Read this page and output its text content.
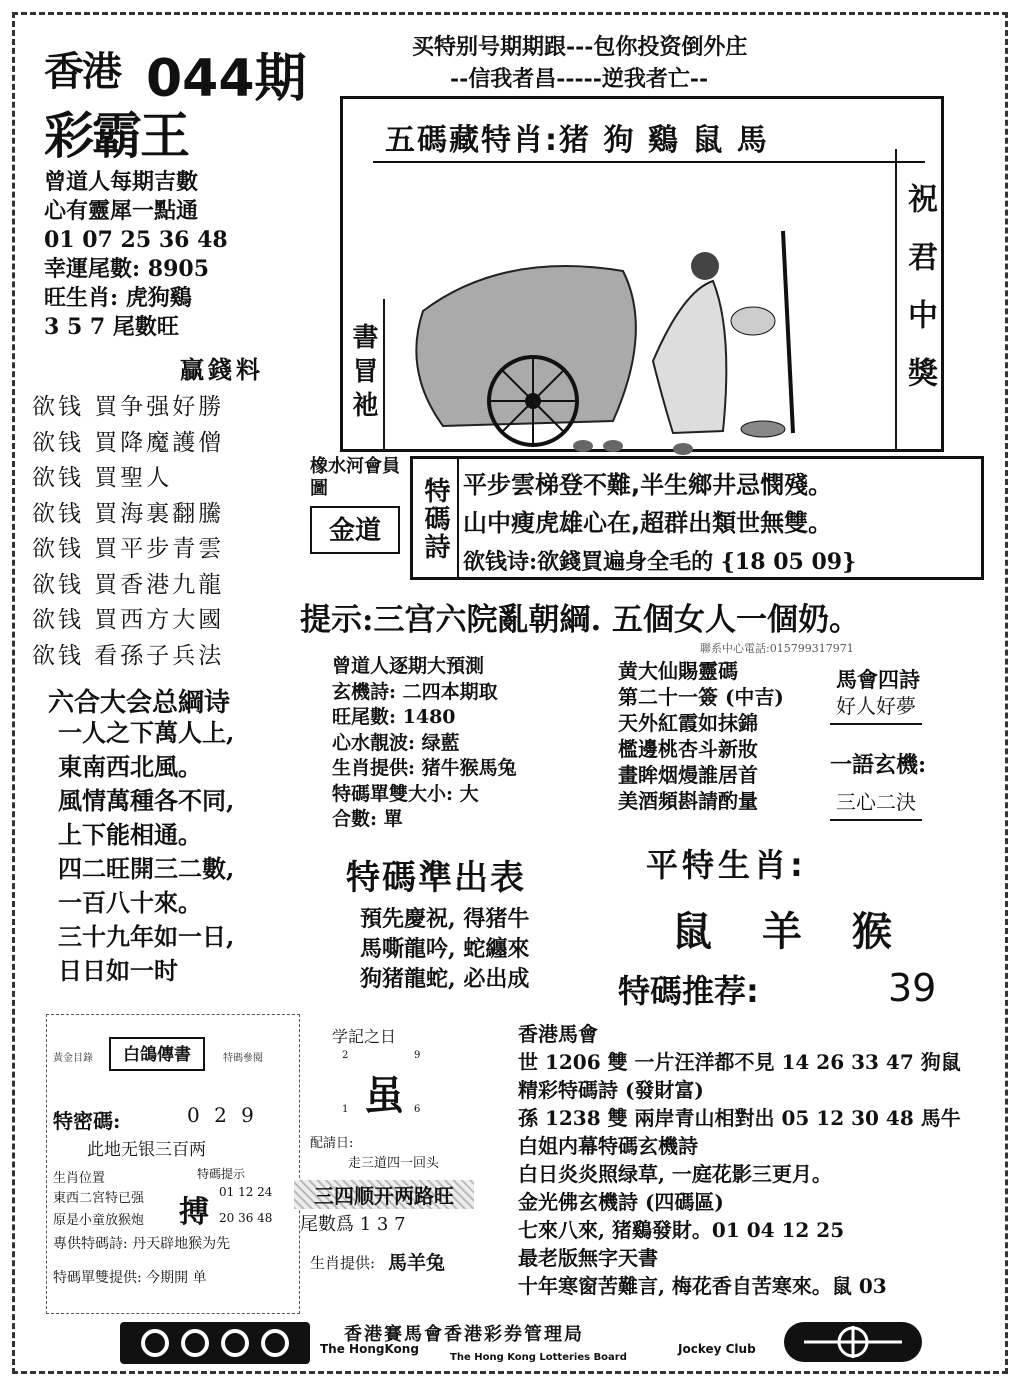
香港 044期
彩霸王
买特别号期期跟---包你投资倒外庄
--信我者昌-----逆我者亡--
曾道人每期吉數
心有靈犀一點通
01 07 25 36 48
幸運尾數: 8905
旺生肖: 虎狗鷄
3 5 7 尾數旺
贏錢料
欲钱 買争强好勝
欲钱 買降魔護僧
欲钱 買聖人
欲钱 買海裏翻騰
欲钱 買平步青雲
欲钱 買香港九龍
欲钱 買西方大國
欲钱 看孫子兵法
五碼藏特肖:猪 狗 鷄 鼠 馬
祝君中獎
書冒祂
橡水河會員圖
金道	特碼詩 平步雲梯登不難,半生鄉井忌憫殘。
山中瘦虎雄心在,超群出類世無雙。
欲钱诗:欲錢買遍身全毛的 {18 05 09}
提示:三宫六院亂朝綱. 五個女人一個奶。
聯系中心電話:015799317971
六合大会总綱诗
一人之下萬人上,
東南西北風。
風情萬種各不同,
上下能相通。
四二旺開三二數,
一百八十來。
三十九年如一日,
日日如一时
曾道人逐期大預測
玄機詩: 二四本期取
旺尾數: 1480
心水靚波: 绿藍
生肖提供: 猪牛猴馬兔
特碼單雙大小: 大
合數: 單
黄大仙賜靈碼
第二十一簽 (中吉)
天外紅霞如抹錦
檻邊桃杏斗新妝
畫眸烟熳誰居首
美酒頻斟請酌量
馬會四詩
好人好夢
一語玄機:
三心二決
特碼準出表
預先慶祝, 得猪牛
馬嘶龍吟, 蛇纏來
狗猪龍蛇, 必出成
平特生肖:
鼠 羊 猴
特碼推荐:	39
黃金目錄	白鴿傳書	特碼參閱
特密碼:	0 2 9
此地无银三百两
生肖位置
東西二宮特已强
原是小童放猴炮
特碼提示
搏
01 12 24
20 36 48
專供特碼詩: 丹天辟地猴为先
特碼單雙提供: 今期開 单
学記之日
2	9
虽
1	6
配請日:
走三道四一回头
三四顺开两路旺
尾數爲 1 3 7
生肖提供: 馬羊兔
香港馬會
世 1206 雙 一片汪洋都不見 14 26 33 47 狗鼠
精彩特碼詩 (發財富)
孫 1238 雙 兩岸青山相對出 05 12 30 48 馬牛
白姐内幕特碼玄機詩
白日炎炎照绿草, 一庭花影三更月。
金光佛玄機詩 (四碼區)
七來八來, 猪鷄發財。01 04 12 25
最老版無字天書
十年寒窗苦難言, 梅花香自苦寒來。鼠 03
香港賽馬會香港彩券管理局
The HongKong	Jockey Club
The Hong Kong Lotteries Board
